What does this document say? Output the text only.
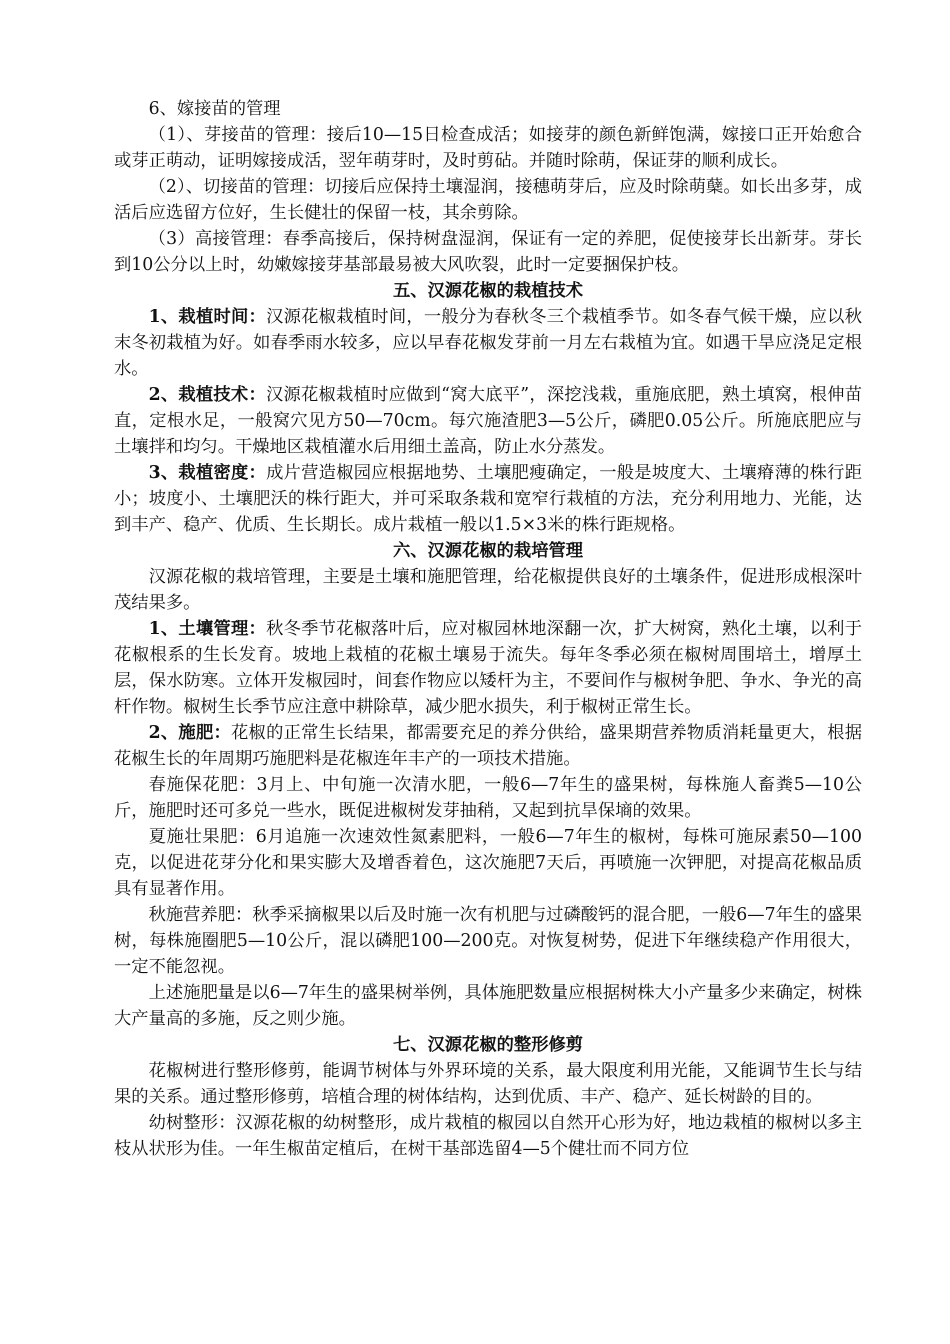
6、嫁接苗的管理

（1）、芽接苗的管理：接后10—15日检查成活；如接芽的颜色新鲜饱满，嫁接口正开始愈合或芽正萌动，证明嫁接成活，翌年萌芽时，及时剪砧。并随时除萌，保证芽的顺利成长。

（2）、切接苗的管理：切接后应保持土壤湿润，接穗萌芽后，应及时除萌蘖。如长出多芽，成活后应选留方位好，生长健壮的保留一枝，其余剪除。

（3）高接管理：春季高接后，保持树盘湿润，保证有一定的养肥，促使接芽长出新芽。芽长到10公分以上时，幼嫩嫁接芽基部最易被大风吹裂，此时一定要捆保护枝。

五、汉源花椒的栽植技术

1、栽植时间：汉源花椒栽植时间，一般分为春秋冬三个栽植季节。如冬春气候干燥，应以秋末冬初栽植为好。如春季雨水较多，应以早春花椒发芽前一月左右栽植为宜。如遇干旱应浇足定根水。

2、栽植技术：汉源花椒栽植时应做到“窝大底平”，深挖浅栽，重施底肥，熟土填窝，根伸苗直，定根水足，一般窝穴见方50—70cm。每穴施渣肥3—5公斤，磷肥0.05公斤。所施底肥应与土壤拌和均匀。干燥地区栽植灌水后用细土盖高，防止水分蒸发。

3、栽植密度：成片营造椒园应根据地势、土壤肥瘦确定，一般是坡度大、土壤瘠薄的株行距小；坡度小、土壤肥沃的株行距大，并可采取条栽和宽窄行栽植的方法，充分利用地力、光能，达到丰产、稳产、优质、生长期长。成片栽植一般以1.5×3米的株行距规格。

六、汉源花椒的栽培管理

汉源花椒的栽培管理，主要是土壤和施肥管理，给花椒提供良好的土壤条件，促进形成根深叶茂结果多。

1、土壤管理：秋冬季节花椒落叶后，应对椒园林地深翻一次，扩大树窝，熟化土壤，以利于花椒根系的生长发育。坡地上栽植的花椒土壤易于流失。每年冬季必须在椒树周围培土，增厚土层，保水防寒。立体开发椒园时，间套作物应以矮杆为主，不要间作与椒树争肥、争水、争光的高杆作物。椒树生长季节应注意中耕除草，减少肥水损失，利于椒树正常生长。

2、施肥：花椒的正常生长结果，都需要充足的养分供给，盛果期营养物质消耗量更大，根据花椒生长的年周期巧施肥料是花椒连年丰产的一项技术措施。

春施保花肥：3月上、中旬施一次清水肥，一般6—7年生的盛果树，每株施人畜粪5—10公斤，施肥时还可多兑一些水，既促进椒树发芽抽稍，又起到抗旱保墒的效果。

夏施壮果肥：6月追施一次速效性氮素肥料，一般6—7年生的椒树，每株可施尿素50—100克，以促进花芽分化和果实膨大及增香着色，这次施肥7天后，再喷施一次钾肥，对提高花椒品质具有显著作用。

秋施营养肥：秋季采摘椒果以后及时施一次有机肥与过磷酸钙的混合肥，一般6—7年生的盛果树，每株施圈肥5—10公斤，混以磷肥100—200克。对恢复树势，促进下年继续稳产作用很大，一定不能忽视。

上述施肥量是以6—7年生的盛果树举例，具体施肥数量应根据树株大小产量多少来确定，树株大产量高的多施，反之则少施。

七、汉源花椒的整形修剪

花椒树进行整形修剪，能调节树体与外界环境的关系，最大限度利用光能，又能调节生长与结果的关系。通过整形修剪，培植合理的树体结构，达到优质、丰产、稳产、延长树龄的目的。

幼树整形：汉源花椒的幼树整形，成片栽植的椒园以自然开心形为好，地边栽植的椒树以多主枝从状形为佳。一年生椒苗定植后，在树干基部选留4—5个健壮而不同方位
